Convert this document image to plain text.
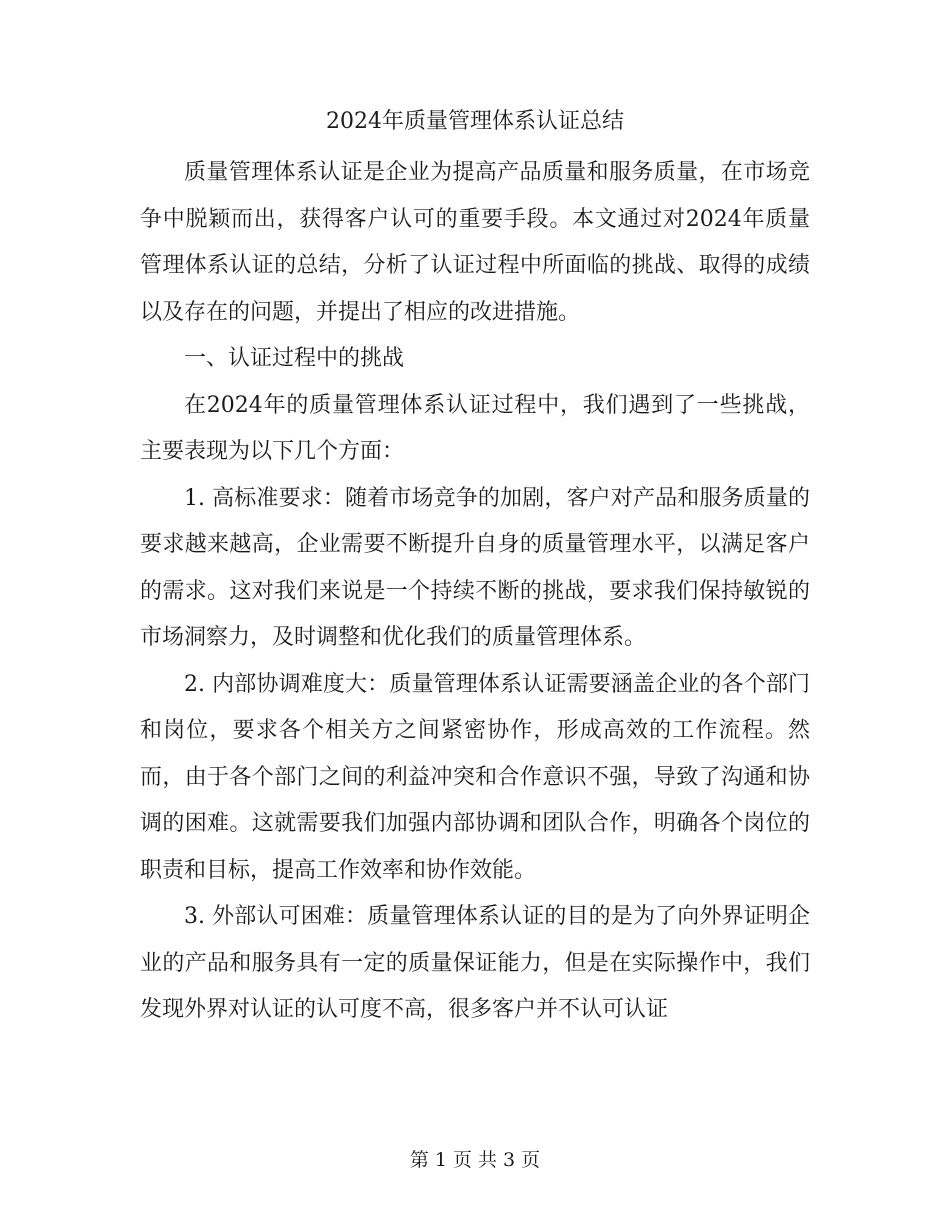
2024年质量管理体系认证总结

质量管理体系认证是企业为提高产品质量和服务质量，在市场竞争中脱颖而出，获得客户认可的重要手段。本文通过对2024年质量管理体系认证的总结，分析了认证过程中所面临的挑战、取得的成绩以及存在的问题，并提出了相应的改进措施。

一、认证过程中的挑战

在2024年的质量管理体系认证过程中，我们遇到了一些挑战，主要表现为以下几个方面：

1. 高标准要求：随着市场竞争的加剧，客户对产品和服务质量的要求越来越高，企业需要不断提升自身的质量管理水平，以满足客户的需求。这对我们来说是一个持续不断的挑战，要求我们保持敏锐的市场洞察力，及时调整和优化我们的质量管理体系。

2. 内部协调难度大：质量管理体系认证需要涵盖企业的各个部门和岗位，要求各个相关方之间紧密协作，形成高效的工作流程。然而，由于各个部门之间的利益冲突和合作意识不强，导致了沟通和协调的困难。这就需要我们加强内部协调和团队合作，明确各个岗位的职责和目标，提高工作效率和协作效能。

3. 外部认可困难：质量管理体系认证的目的是为了向外界证明企业的产品和服务具有一定的质量保证能力，但是在实际操作中，我们发现外界对认证的认可度不高，很多客户并不认可认证

第 1 页 共 3 页
